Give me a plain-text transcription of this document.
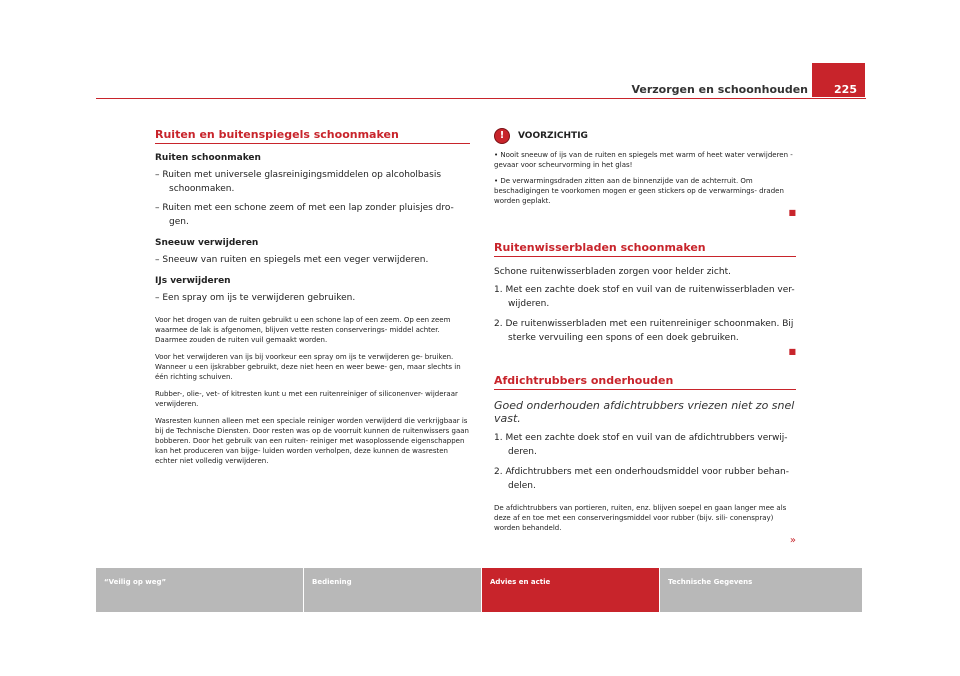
Verzorgen en schoonhouden 225
Ruiten en buitenspiegels schoonmaken
Ruiten schoonmaken
– Ruiten met universele glasreinigingsmiddelen op alcoholbasis schoonmaken.
– Ruiten met een schone zeem of met een lap zonder pluisjes dro- gen.
Sneeuw verwijderen
– Sneeuw van ruiten en spiegels met een veger verwijderen.
IJs verwijderen
– Een spray om ijs te verwijderen gebruiken.
Voor het drogen van de ruiten gebruikt u een schone lap of een zeem. Op een zeem waarmee de lak is afgenomen, blijven vette resten conserverings- middel achter. Daarmee zouden de ruiten vuil gemaakt worden.
Voor het verwijderen van ijs bij voorkeur een spray om ijs te verwijderen ge- bruiken. Wanneer u een ijskrabber gebruikt, deze niet heen en weer bewe- gen, maar slechts in één richting schuiven.
Rubber-, olie-, vet- of kitresten kunt u met een ruitenreiniger of siliconenver- wijderaar verwijderen.
Wasresten kunnen alleen met een speciale reiniger worden verwijderd die verkrijgbaar is bij de Technische Diensten. Door resten was op de voorruit kunnen de ruitenwissers gaan bobberen. Door het gebruik van een ruiten- reiniger met wasoplossende eigenschappen kan het produceren van bijge- luiden worden verholpen, deze kunnen de wasresten echter niet volledig verwijderen.
!	VOORZICHTIG
• Nooit sneeuw of ijs van de ruiten en spiegels met warm of heet water verwijderen - gevaar voor scheurvorming in het glas!
• De verwarmingsdraden zitten aan de binnenzijde van de achterruit. Om beschadigingen te voorkomen mogen er geen stickers op de verwarmings- draden worden geplakt.
■
Ruitenwisserbladen schoonmaken
Schone ruitenwisserbladen zorgen voor helder zicht.
1. Met een zachte doek stof en vuil van de ruitenwisserbladen ver- wijderen.
2. De ruitenwisserbladen met een ruitenreiniger schoonmaken. Bij sterke vervuiling een spons of een doek gebruiken.
■
Afdichtrubbers onderhouden
Goed onderhouden afdichtrubbers vriezen niet zo snel vast.
1. Met een zachte doek stof en vuil van de afdichtrubbers verwij- deren.
2. Afdichtrubbers met een onderhoudsmiddel voor rubber behan- delen.
De afdichtrubbers van portieren, ruiten, enz. blijven soepel en gaan langer mee als deze af en toe met een conserveringsmiddel voor rubber (bijv. sili- conenspray) worden behandeld.
»
“Veilig op weg”	Bediening	Advies en actie	Technische Gegevens
